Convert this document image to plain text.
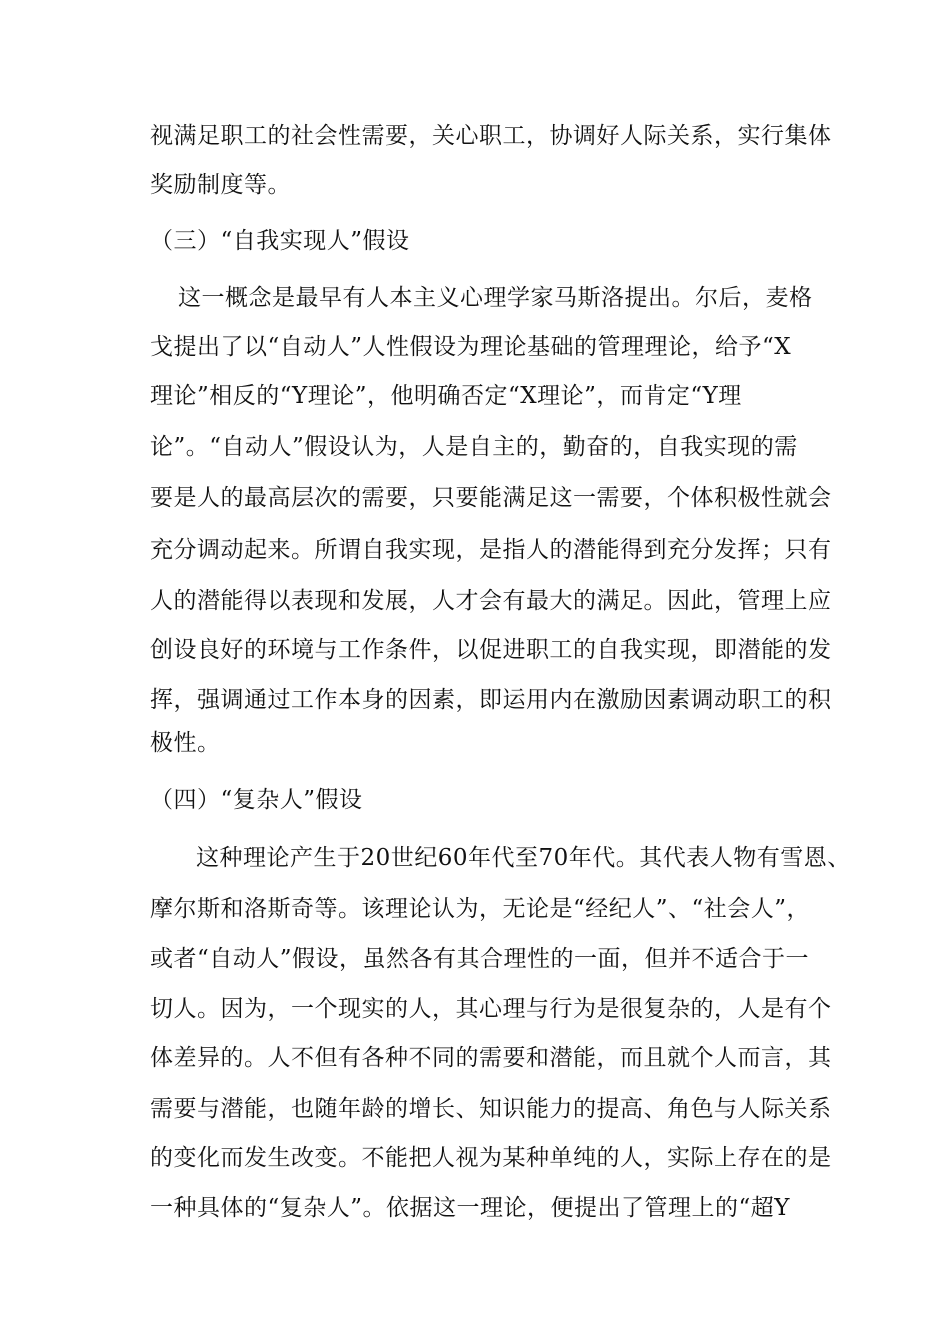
视满足职工的社会性需要，关心职工，协调好人际关系，实行集体
奖励制度等。
（三）“自我实现人”假设
这一概念是最早有人本主义心理学家马斯洛提出。尔后，麦格
戈提出了以“自动人”人性假设为理论基础的管理理论，给予“X
理论”相反的“Y理论”，他明确否定“X理论”，而肯定“Y理
论”。“自动人”假设认为，人是自主的，勤奋的，自我实现的需
要是人的最高层次的需要，只要能满足这一需要，个体积极性就会
充分调动起来。所谓自我实现，是指人的潜能得到充分发挥；只有
人的潜能得以表现和发展，人才会有最大的满足。因此，管理上应
创设良好的环境与工作条件，以促进职工的自我实现，即潜能的发
挥，强调通过工作本身的因素，即运用内在激励因素调动职工的积
极性。
（四）“复杂人”假设
这种理论产生于20世纪60年代至70年代。其代表人物有雪恩、
摩尔斯和洛斯奇等。该理论认为，无论是“经纪人”、“社会人”，
或者“自动人”假设，虽然各有其合理性的一面，但并不适合于一
切人。因为，一个现实的人，其心理与行为是很复杂的，人是有个
体差异的。人不但有各种不同的需要和潜能，而且就个人而言，其
需要与潜能，也随年龄的增长、知识能力的提高、角色与人际关系
的变化而发生改变。不能把人视为某种单纯的人，实际上存在的是
一种具体的“复杂人”。依据这一理论，便提出了管理上的“超Y
